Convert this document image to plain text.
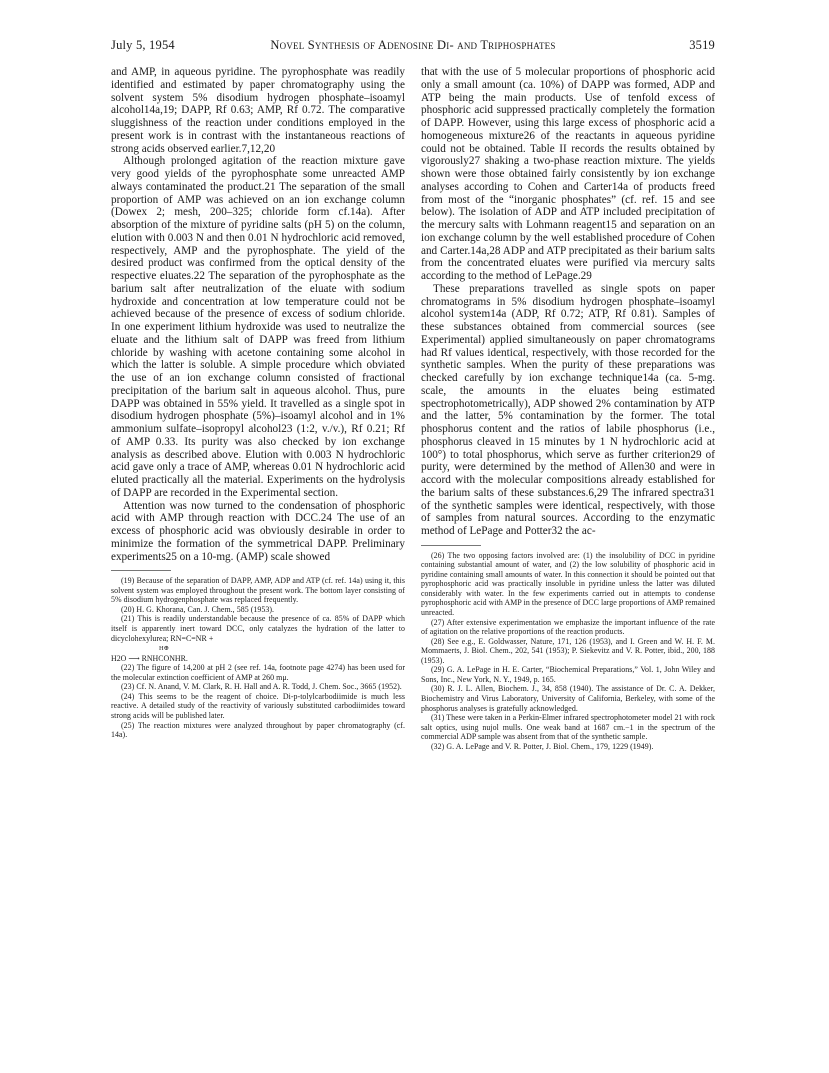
July 5, 1954	Novel Synthesis of Adenosine Di- and Triphosphates	3519

and AMP, in aqueous pyridine. The pyrophosphate was readily identified and estimated by paper chromatography using the solvent system 5% disodium hydrogen phosphate–isoamyl alcohol14a,19; DAPP, Rf 0.63; AMP, Rf 0.72. The comparative sluggishness of the reaction under conditions employed in the present work is in contrast with the instantaneous reactions of strong acids observed earlier.7,12,20

Although prolonged agitation of the reaction mixture gave very good yields of the pyrophosphate some unreacted AMP always contaminated the product.21 The separation of the small proportion of AMP was achieved on an ion exchange column (Dowex 2; mesh, 200–325; chloride form cf.14a). After absorption of the mixture of pyridine salts (pH 5) on the column, elution with 0.003 N and then 0.01 N hydrochloric acid removed, respectively, AMP and the pyrophosphate. The yield of the desired product was confirmed from the optical density of the respective eluates.22 The separation of the pyrophosphate as the barium salt after neutralization of the eluate with sodium hydroxide and concentration at low temperature could not be achieved because of the presence of excess of sodium chloride. In one experiment lithium hydroxide was used to neutralize the eluate and the lithium salt of DAPP was freed from lithium chloride by washing with acetone containing some alcohol in which the latter is soluble. A simple procedure which obviated the use of an ion exchange column consisted of fractional precipitation of the barium salt in aqueous alcohol. Thus, pure DAPP was obtained in 55% yield. It travelled as a single spot in disodium hydrogen phosphate (5%)–isoamyl alcohol and in 1% ammonium sulfate–isopropyl alcohol23 (1:2, v./v.), Rf 0.21; Rf of AMP 0.33. Its purity was also checked by ion exchange analysis as described above. Elution with 0.003 N hydrochloric acid gave only a trace of AMP, whereas 0.01 N hydrochloric acid eluted practically all the material. Experiments on the hydrolysis of DAPP are recorded in the Experimental section.

Attention was now turned to the condensation of phosphoric acid with AMP through reaction with DCC.24 The use of an excess of phosphoric acid was obviously desirable in order to minimize the formation of the symmetrical DAPP. Preliminary experiments25 on a 10-mg. (AMP) scale showed

(19) Because of the separation of DAPP, AMP, ADP and ATP (cf. ref. 14a) using it, this solvent system was employed throughout the present work. The bottom layer consisting of 5% disodium hydrogenphosphate was replaced frequently.

(20) H. G. Khorana, Can. J. Chem., 585 (1953).

(21) This is readily understandable because the presence of ca. 85% of DAPP which itself is apparently inert toward DCC, only catalyzes the hydration of the latter to dicyclohexylurea; RN=C=NR +

H⊕
H2O ⟶ RNHCONHR.

(22) The figure of 14,200 at pH 2 (see ref. 14a, footnote page 4274) has been used for the molecular extinction coefficient of AMP at 260 mμ.

(23) Cf. N. Anand, V. M. Clark, R. H. Hall and A. R. Todd, J. Chem. Soc., 3665 (1952).

(24) This seems to be the reagent of choice. Di-p-tolylcarbodiimide is much less reactive. A detailed study of the reactivity of variously substituted carbodiimides toward strong acids will be published later.

(25) The reaction mixtures were analyzed throughout by paper chromatography (cf. 14a).

that with the use of 5 molecular proportions of phosphoric acid only a small amount (ca. 10%) of DAPP was formed, ADP and ATP being the main products. Use of tenfold excess of phosphoric acid suppressed practically completely the formation of DAPP. However, using this large excess of phosphoric acid a homogeneous mixture26 of the reactants in aqueous pyridine could not be obtained. Table II records the results obtained by vigorously27 shaking a two-phase reaction mixture. The yields shown were those obtained fairly consistently by ion exchange analyses according to Cohen and Carter14a of products freed from most of the “inorganic phosphates” (cf. ref. 15 and see below). The isolation of ADP and ATP included precipitation of the mercury salts with Lohmann reagent15 and separation on an ion exchange column by the well established procedure of Cohen and Carter.14a,28 ADP and ATP precipitated as their barium salts from the concentrated eluates were purified via mercury salts according to the method of LePage.29

These preparations travelled as single spots on paper chromatograms in 5% disodium hydrogen phosphate–isoamyl alcohol system14a (ADP, Rf 0.72; ATP, Rf 0.81). Samples of these substances obtained from commercial sources (see Experimental) applied simultaneously on paper chromatograms had Rf values identical, respectively, with those recorded for the synthetic samples. When the purity of these preparations was checked carefully by ion exchange technique14a (ca. 5-mg. scale, the amounts in the eluates being estimated spectrophotometrically), ADP showed 2% contamination by ATP and the latter, 5% contamination by the former. The total phosphorus content and the ratios of labile phosphorus (i.e., phosphorus cleaved in 15 minutes by 1 N hydrochloric acid at 100°) to total phosphorus, which serve as further criterion29 of purity, were determined by the method of Allen30 and were in accord with the molecular compositions already established for the barium salts of these substances.6,29 The infrared spectra31 of the synthetic samples were identical, respectively, with those of samples from natural sources. According to the enzymatic method of LePage and Potter32 the ac-

(26) The two opposing factors involved are: (1) the insolubility of DCC in pyridine containing substantial amount of water, and (2) the low solubility of phosphoric acid in pyridine containing small amounts of water. In this connection it should be pointed out that pyrophosphoric acid was practically insoluble in pyridine unless the latter was diluted considerably with water. In the few experiments carried out in attempts to condense pyrophosphoric acid with AMP in the presence of DCC large proportions of AMP remained unreacted.

(27) After extensive experimentation we emphasize the important influence of the rate of agitation on the relative proportions of the reaction products.

(28) See e.g., E. Goldwasser, Nature, 171, 126 (1953), and I. Green and W. H. F. M. Mommaerts, J. Biol. Chem., 202, 541 (1953); P. Siekevitz and V. R. Potter, ibid., 200, 188 (1953).

(29) G. A. LePage in H. E. Carter, “Biochemical Preparations,” Vol. 1, John Wiley and Sons, Inc., New York, N. Y., 1949, p. 165.

(30) R. J. L. Allen, Biochem. J., 34, 858 (1940). The assistance of Dr. C. A. Dekker, Biochemistry and Virus Laboratory, University of California, Berkeley, with some of the phosphorus analyses is gratefully acknowledged.

(31) These were taken in a Perkin-Elmer infrared spectrophotometer model 21 with rock salt optics, using nujol mulls. One weak band at 1687 cm.−1 in the spectrum of the commercial ADP sample was absent from that of the synthetic sample.

(32) G. A. LePage and V. R. Potter, J. Biol. Chem., 179, 1229 (1949).
